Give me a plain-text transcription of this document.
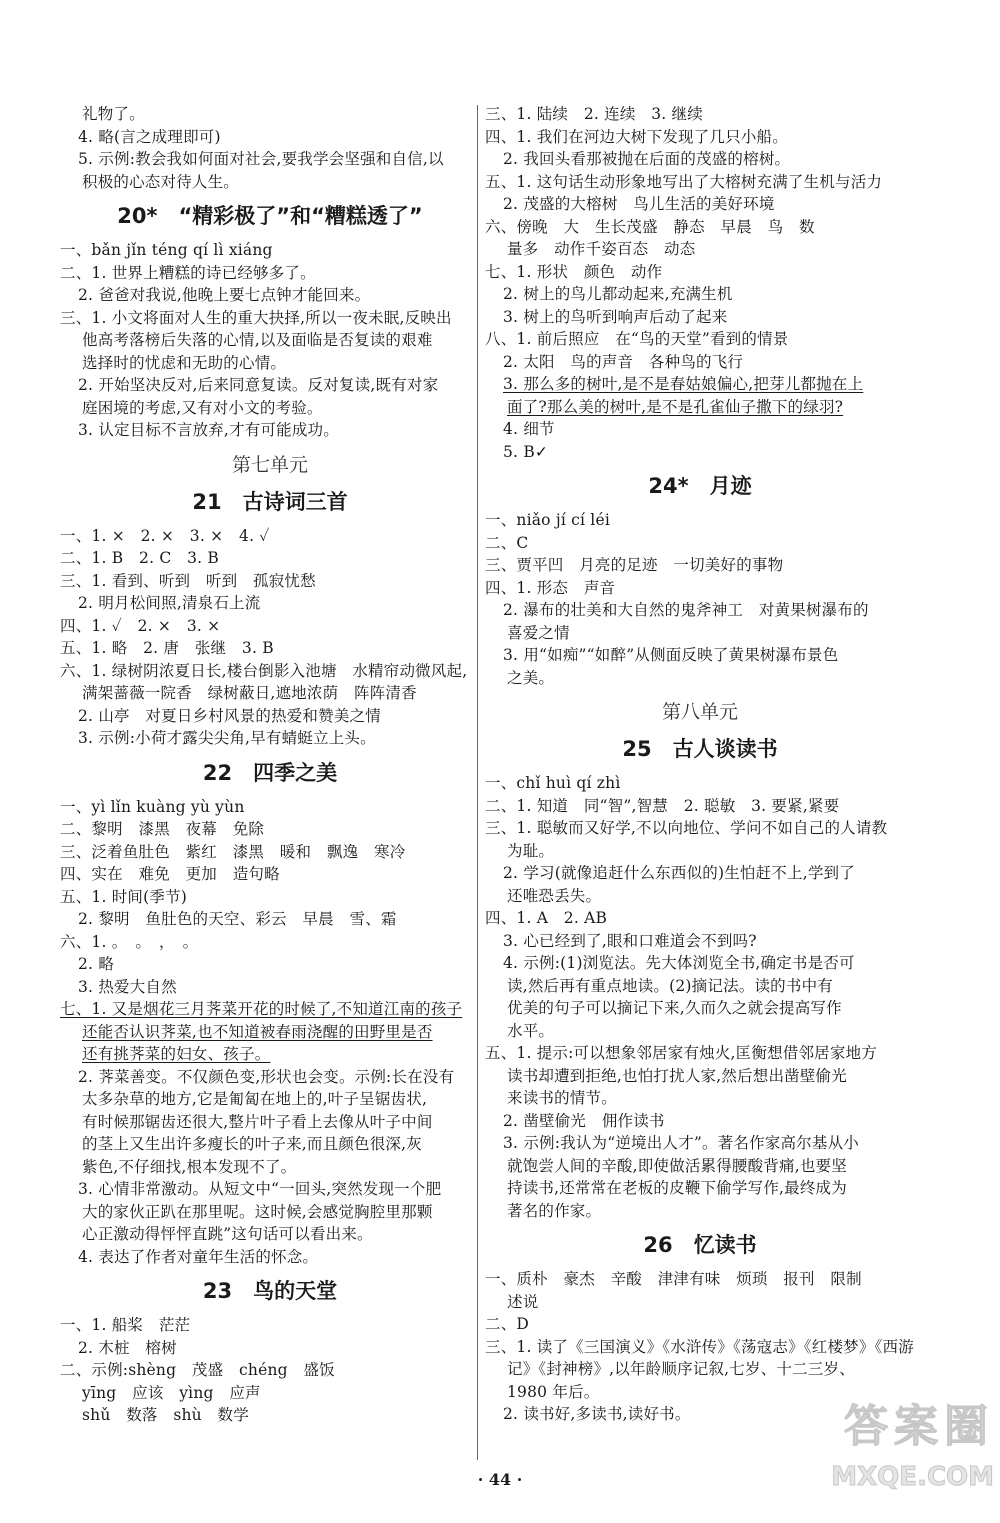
礼物了。
4. 略(言之成理即可)
5. 示例:教会我如何面对社会,要我学会坚强和自信,以
积极的心态对待人生。
20*　“精彩极了”和“糟糕透了”
一、bǎn jǐn téng qí lì xiáng
二、1. 世界上糟糕的诗已经够多了。
2. 爸爸对我说,他晚上要七点钟才能回来。
三、1. 小文将面对人生的重大抉择,所以一夜未眠,反映出
他高考落榜后失落的心情,以及面临是否复读的艰难
选择时的忧虑和无助的心情。
2. 开始坚决反对,后来同意复读。反对复读,既有对家
庭困境的考虑,又有对小文的考验。
3. 认定目标不言放弃,才有可能成功。
第七单元
21　古诗词三首
一、1. ×　2. ×　3. ×　4. ✓
二、1. B　2. C　3. B
三、1. 看到、听到　听到　孤寂忧愁
2. 明月松间照,清泉石上流
四、1. ✓　2. ×　3. ×
五、1. 略　2. 唐　张继　3. B
六、1. 绿树阴浓夏日长,楼台倒影入池塘　水精帘动微风起,
满架蔷薇一院香　绿树蔽日,遮地浓荫　阵阵清香
2. 山亭　对夏日乡村风景的热爱和赞美之情
3. 示例:小荷才露尖尖角,早有蜻蜓立上头。
22　四季之美
一、yì lǐn kuàng yù yùn
二、黎明　漆黑　夜幕　免除
三、泛着鱼肚色　紫红　漆黑　暖和　飘逸　寒冷
四、实在　难免　更加　造句略
五、1. 时间(季节)
2. 黎明　鱼肚色的天空、彩云　早晨　雪、霜
六、1. 。　。　，　。
2. 略
3. 热爱大自然
七、1. 又是烟花三月荠菜开花的时候了,不知道江南的孩子
还能否认识荠菜,也不知道被春雨浇醒的田野里是否
还有挑荠菜的妇女、孩子。
2. 荠菜善变。不仅颜色变,形状也会变。示例:长在没有
太多杂草的地方,它是匍匐在地上的,叶子呈锯齿状,
有时候那锯齿还很大,整片叶子看上去像从叶子中间
的茎上又生出许多瘦长的叶子来,而且颜色很深,灰
紫色,不仔细找,根本发现不了。
3. 心情非常激动。从短文中“一回头,突然发现一个肥
大的家伙正趴在那里呢。这时候,会感觉胸腔里那颗
心正激动得怦怦直跳”这句话可以看出来。
4. 表达了作者对童年生活的怀念。
23　鸟的天堂
一、1. 船桨　茫茫
2. 木桩　榕树
二、示例:shèng　茂盛　chéng　盛饭
yīng　应该　yìng　应声
shǔ　数落　shù　数学
三、1. 陆续　2. 连续　3. 继续
四、1. 我们在河边大树下发现了几只小船。
2. 我回头看那被抛在后面的茂盛的榕树。
五、1. 这句话生动形象地写出了大榕树充满了生机与活力
2. 茂盛的大榕树　鸟儿生活的美好环境
六、傍晚　大　生长茂盛　静态　早晨　鸟　数
量多　动作千姿百态　动态
七、1. 形状　颜色　动作
2. 树上的鸟儿都动起来,充满生机
3. 树上的鸟听到响声后动了起来
八、1. 前后照应　在“鸟的天堂”看到的情景
2. 太阳　鸟的声音　各种鸟的飞行
3. 那么多的树叶,是不是春姑娘偏心,把芽儿都抛在上
面了?那么美的树叶,是不是孔雀仙子撒下的绿羽?
4. 细节
5. B✓
24*　月迹
一、niǎo jí cí léi
二、C
三、贾平凹　月亮的足迹　一切美好的事物
四、1. 形态　声音
2. 瀑布的壮美和大自然的鬼斧神工　对黄果树瀑布的
喜爱之情
3. 用“如痴”“如醉”从侧面反映了黄果树瀑布景色
之美。
第八单元
25　古人谈读书
一、chǐ huì qí zhì
二、1. 知道　同“智”,智慧　2. 聪敏　3. 要紧,紧要
三、1. 聪敏而又好学,不以向地位、学问不如自己的人请教
为耻。
2. 学习(就像追赶什么东西似的)生怕赶不上,学到了
还唯恐丢失。
四、1. A　2. AB
3. 心已经到了,眼和口难道会不到吗?
4. 示例:(1)浏览法。先大体浏览全书,确定书是否可
读,然后再有重点地读。(2)摘记法。读的书中有
优美的句子可以摘记下来,久而久之就会提高写作
水平。
五、1. 提示:可以想象邻居家有烛火,匡衡想借邻居家地方
读书却遭到拒绝,也怕打扰人家,然后想出凿壁偷光
来读书的情节。
2. 凿壁偷光　佣作读书
3. 示例:我认为“逆境出人才”。著名作家高尔基从小
就饱尝人间的辛酸,即使做活累得腰酸背痛,也要坚
持读书,还常常在老板的皮鞭下偷学写作,最终成为
著名的作家。
26　忆读书
一、质朴　豪杰　辛酸　津津有味　烦琐　报刊　限制
述说
二、D
三、1. 读了《三国演义》《水浒传》《荡寇志》《红楼梦》《西游
记》《封神榜》,以年龄顺序记叙,七岁、十二三岁、
1980 年后。
2. 读书好,多读书,读好书。
· 44 ·
答案圈
MXQE.COM
